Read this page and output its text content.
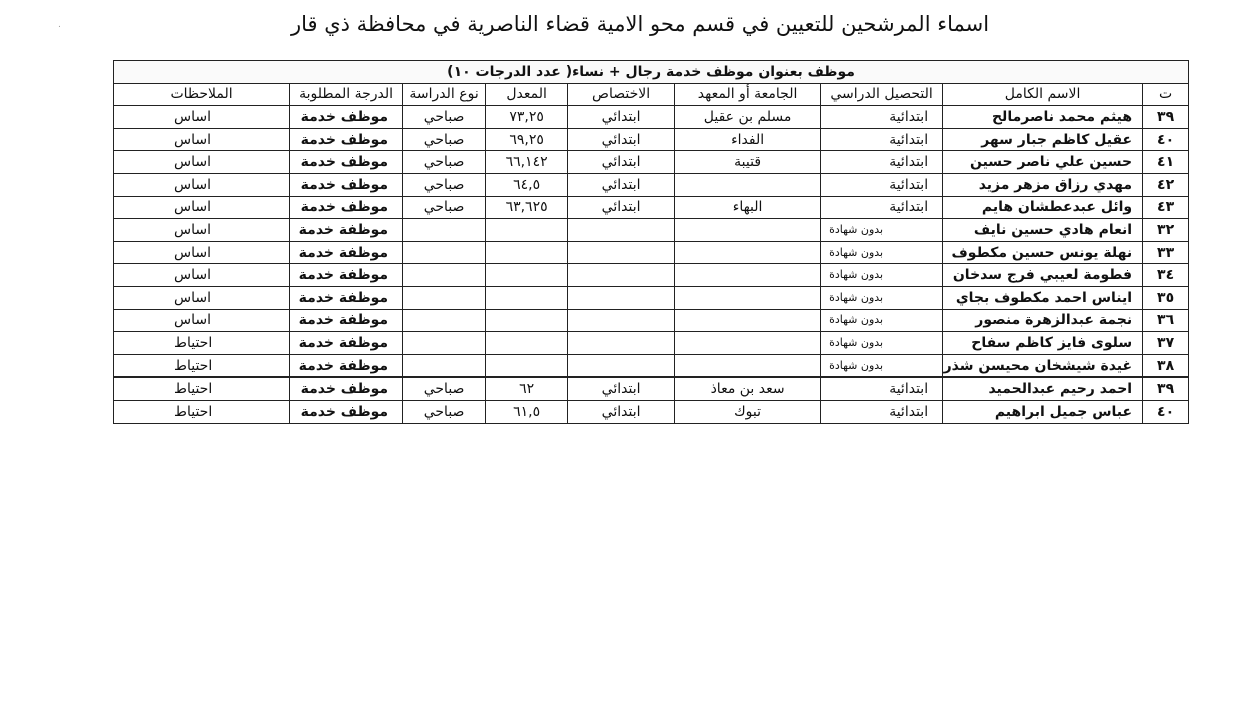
.	اسماء المرشحين للتعيين في قسم محو الامية قضاء الناصرية في محافظة ذي قار
موظف بعنوان موظف خدمة رجال + نساء( عدد الدرجات ١٠)								
ت	الاسم الكامل	التحصيل الدراسي	الجامعة أو المعهد	الاختصاص	المعدل	نوع الدراسة	الدرجة المطلوبة	الملاحظات
٣٩	هيثم محمد ناصرمالح	ابتدائية	مسلم بن عقيل	ابتدائي	٧٣,٢٥	صباحي	موظف خدمة	اساس
٤٠	عقيل كاظم جبار سهر	ابتدائية	الفداء	ابتدائي	٦٩,٢٥	صباحي	موظف خدمة	اساس
٤١	حسين علي ناصر حسين	ابتدائية	قتيبة	ابتدائي	٦٦,١٤٢	صباحي	موظف خدمة	اساس
٤٢	مهدي رزاق مزهر مزيد	ابتدائية		ابتدائي	٦٤,٥	صباحي	موظف خدمة	اساس
٤٣	وائل عبدعطشان هايم	ابتدائية	البهاء	ابتدائي	٦٣,٦٢٥	صباحي	موظف خدمة	اساس
٣٢	انعام هادي حسين نايف	بدون شهادة					موظفة خدمة	اساس
٣٣	نهلة يونس حسين مكطوف	بدون شهادة					موظفة خدمة	اساس
٣٤	فطومة لعيبي فرج سدخان	بدون شهادة					موظفة خدمة	اساس
٣٥	ايناس احمد مكطوف بجاي	بدون شهادة					موظفة خدمة	اساس
٣٦	نجمة عبدالزهرة منصور	بدون شهادة					موظفة خدمة	اساس
٣٧	سلوى فايز كاظم سفاح	بدون شهادة					موظفة خدمة	احتياط
٣٨	غيدة شيشخان محيسن شذر	بدون شهادة					موظفة خدمة	احتياط
٣٩	احمد رحيم عبدالحميد	ابتدائية	سعد بن معاذ	ابتدائي	٦٢	صباحي	موظف خدمة	احتياط
٤٠	عباس جميل ابراهيم	ابتدائية	تبوك	ابتدائي	٦١,٥	صباحي	موظف خدمة	احتياط
